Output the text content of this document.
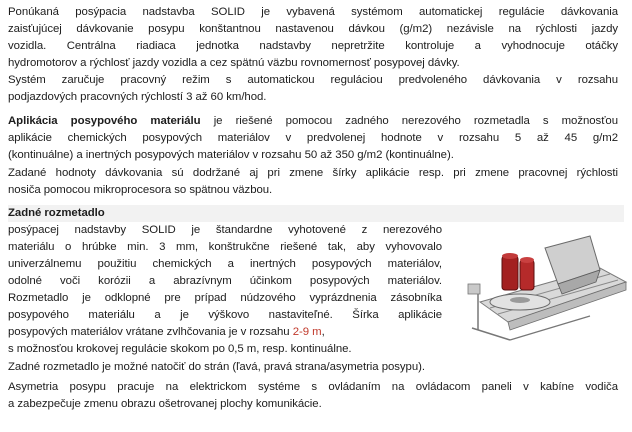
Ponúkaná posýpacia nadstavba SOLID je vybavená systémom automatickej regulácie dávkovania
zaisťujúcej dávkovanie posypu konštantnou nastavenou dávkou (g/m2) nezávisle na rýchlosti jazdy
vozidla. Centrálna riadiaca jednotka nadstavby nepretržite kontroluje a vyhodnocuje otáčky
hydromotorov a rýchlosť jazdy vozidla a cez spätnú väzbu rovnomernosť posypovej dávky.
Systém zaručuje pracovný režim s automatickou reguláciou predvoleného dávkovania v rozsahu
podjazdových pracovných rýchlostí 3 až 60 km/hod.
Aplikácia posypového materiálu je riešené pomocou zadného nerezového rozmetadla s možnosťou
aplikácie chemických posypových materiálov v predvolenej hodnote v rozsahu 5 až 45 g/m2
(kontinuálne) a inertných posypových materiálov v rozsahu 50 až 350 g/m2 (kontinuálne).
Zadané hodnoty dávkovania sú dodržané aj pri zmene šírky aplikácie resp. pri zmene pracovnej rýchlosti
nosiča pomocou mikroprocesora so spätnou väzbou.
Zadné rozmetadlo
posýpacej nadstavby SOLID je štandardne vyhotovené z nerezového
materiálu o hrúbke min. 3 mm, konštrukčne riešené tak, aby vyhovovalo
univerzálnemu použitiu chemických a inertných posypových materiálov,
odolné voči korózii a abrazívnym účinkom posypových materiálov.
Rozmetadlo je odklopné pre prípad núdzového vyprázdnenia zásobníka
posypového materiálu a je výškovo nastaviteľné. Šírka aplikácie
posypových materiálov vrátane zvlhčovania je v rozsahu 2-9 m,
s možnosťou krokovej regulácie skokom po 0,5 m, resp. kontinuálne.
Zadné rozmetadlo je možné natočiť do strán (ľavá, pravá strana/asymetria posypu).
Asymetria posypu pracuje na elektrickom systéme s ovládaním na ovládacom paneli v kabíne vodiča
a zabezpečuje zmenu obrazu ošetrovanej plochy komunikácie.
